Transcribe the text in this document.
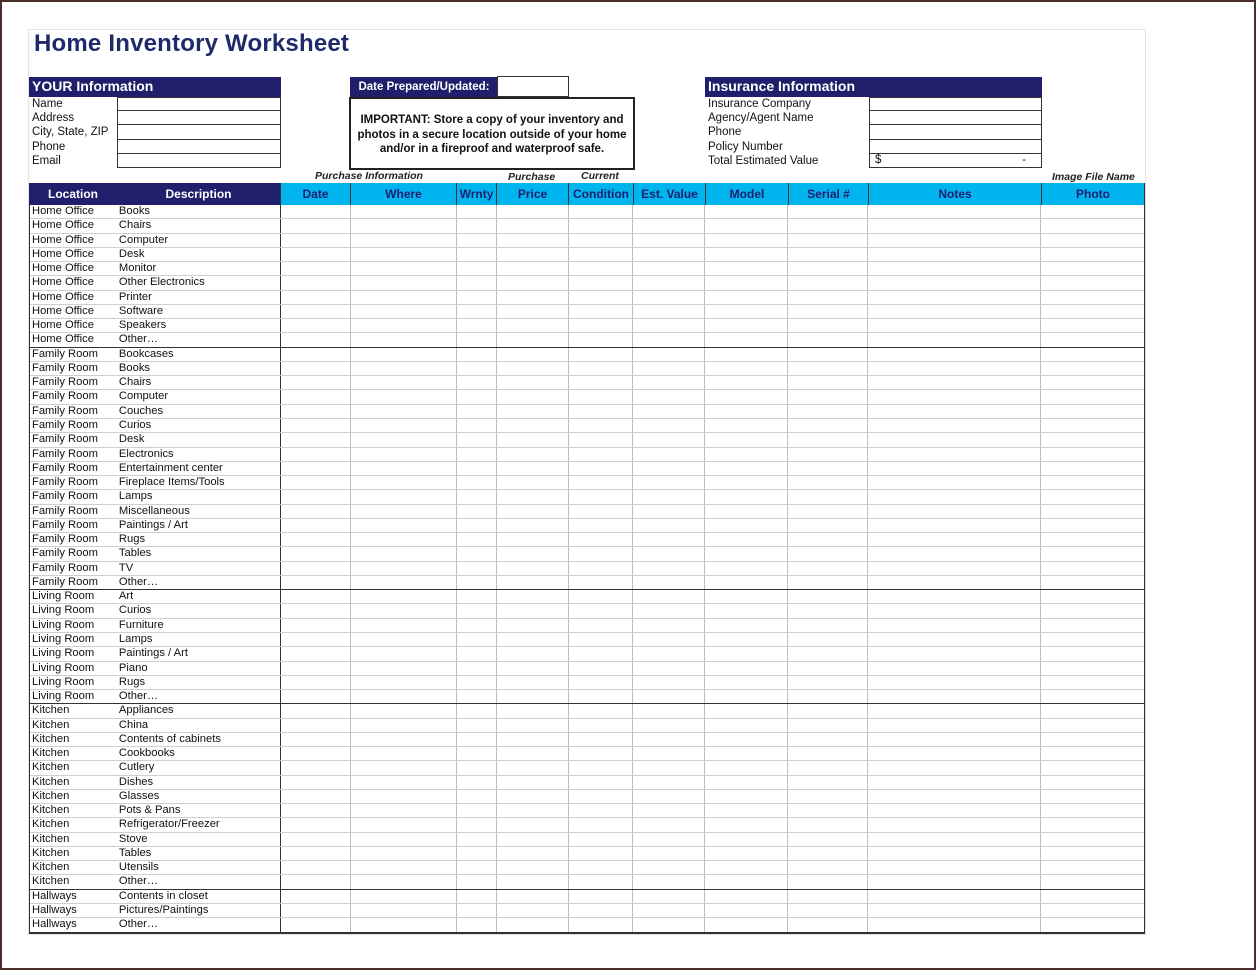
Home Inventory Worksheet
YOUR Information
Name
Address
City, State, ZIP
Phone
Email
Date Prepared/Updated:
IMPORTANT: Store a copy of your inventory and photos in a secure location outside of your home and/or in a fireproof and waterproof safe.
Insurance Information
Insurance Company
Agency/Agent Name
Phone
Policy Number
Total Estimated Value	$	-
Purchase Information	Purchase Current	Image File Name
Location	Description	Date	Where	Wrnty	Price	Condition	Est. Value	Model	Serial #	Notes	Photo
Home Office	Books
Home Office	Chairs
Home Office	Computer
Home Office	Desk
Home Office	Monitor
Home Office	Other Electronics
Home Office	Printer
Home Office	Software
Home Office	Speakers
Home Office	Other…
Family Room	Bookcases
Family Room	Books
Family Room	Chairs
Family Room	Computer
Family Room	Couches
Family Room	Curios
Family Room	Desk
Family Room	Electronics
Family Room	Entertainment center
Family Room	Fireplace Items/Tools
Family Room	Lamps
Family Room	Miscellaneous
Family Room	Paintings / Art
Family Room	Rugs
Family Room	Tables
Family Room	TV
Family Room	Other…
Living Room	Art
Living Room	Curios
Living Room	Furniture
Living Room	Lamps
Living Room	Paintings / Art
Living Room	Piano
Living Room	Rugs
Living Room	Other…
Kitchen	Appliances
Kitchen	China
Kitchen	Contents of cabinets
Kitchen	Cookbooks
Kitchen	Cutlery
Kitchen	Dishes
Kitchen	Glasses
Kitchen	Pots & Pans
Kitchen	Refrigerator/Freezer
Kitchen	Stove
Kitchen	Tables
Kitchen	Utensils
Kitchen	Other…
Hallways	Contents in closet
Hallways	Pictures/Paintings
Hallways	Other…
